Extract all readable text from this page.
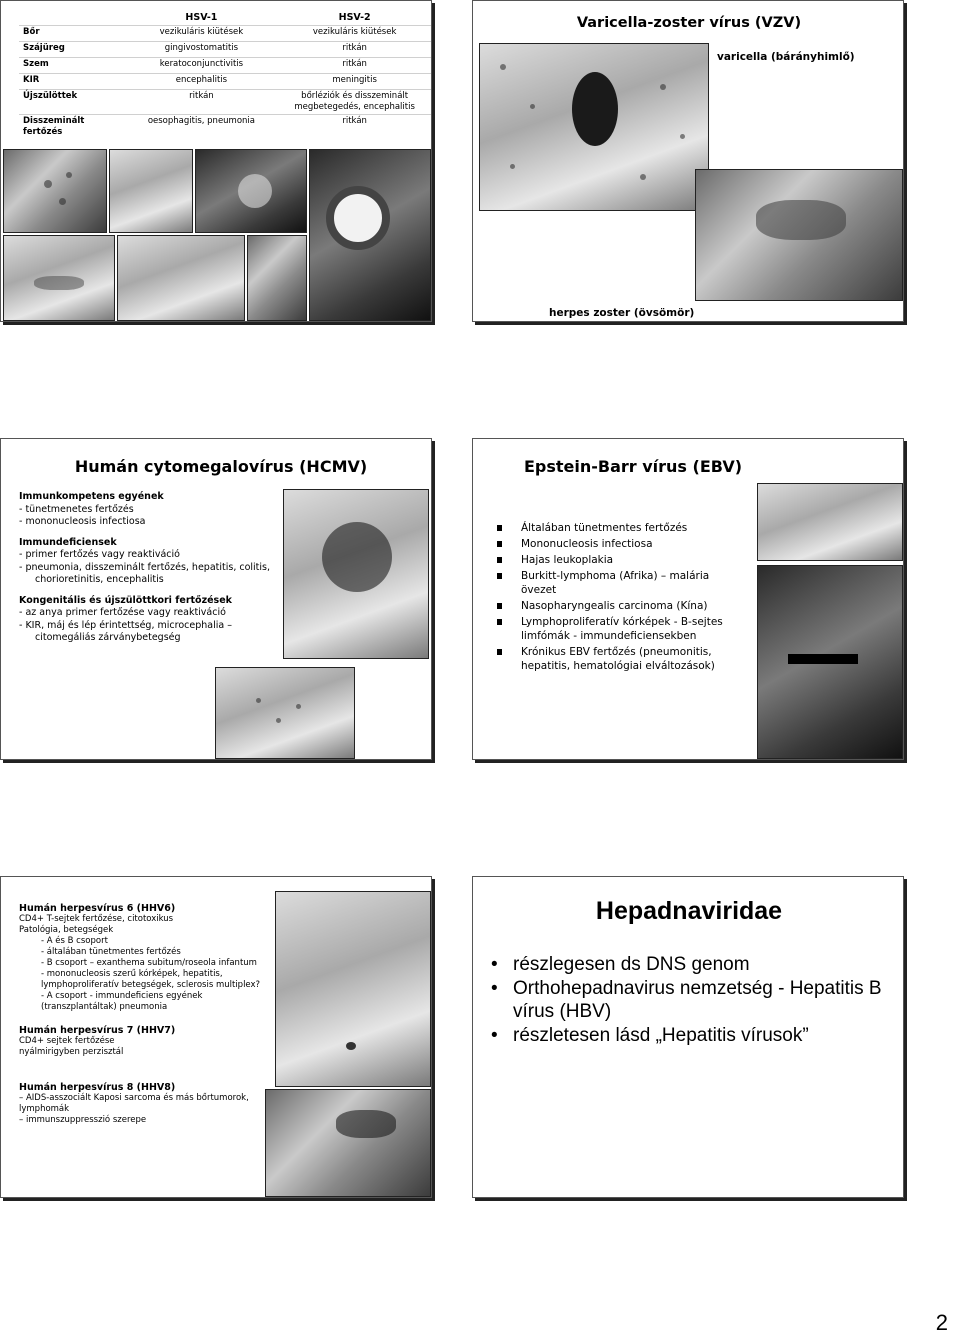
	HSV-1	HSV-2
Bőr	vezikuláris kiütések	vezikuláris kiütések
Szájüreg	gingivostomatitis	ritkán
Szem	keratoconjunctivitis	ritkán
KIR	encephalitis	meningitis
Újszülöttek	ritkán	bőrléziók és disszeminált megbetegedés, encephalitis
Disszeminált fertőzés	oesophagitis, pneumonia	ritkán
Varicella-zoster vírus (VZV)
varicella (bárányhimlő)
herpes zoster (övsömör)
Humán cytomegalovírus (HCMV)
Immunkompetens egyének
- tünetmenetes fertőzés
- mononucleosis infectiosa
Immundeficiensek
- primer fertőzés vagy reaktiváció
- pneumonia, disszeminált fertőzés, hepatitis, colitis, chorioretinitis, encephalitis
Kongenitális és újszülöttkori fertőzések
- az anya primer fertőzése vagy reaktiváció
- KIR, máj és lép érintettség, microcephalia – citomegáliás zárványbetegség
Epstein-Barr vírus (EBV)
Általában tünetmentes fertőzés
Mononucleosis infectiosa
Hajas leukoplakia
Burkitt-lymphoma (Afrika) – malária övezet
Nasopharyngealis carcinoma (Kína)
Lymphoproliferatív kórképek - B-sejtes limfómák - immundeficiensekben
Krónikus EBV fertőzés (pneumonitis, hepatitis, hematológiai elváltozások)
Humán herpesvírus 6 (HHV6)
CD4+ T-sejtek fertőzése, citotoxikus
Patológia, betegségek
- A és B csoport
- általában tünetmentes fertőzés
- B csoport – exanthema subitum/roseola infantum
- mononucleosis szerű kórképek, hepatitis, lymphoproliferatív betegségek, sclerosis multiplex?
- A csoport - immundeficiens egyének (transzplantáltak) pneumonia
Humán herpesvírus 7 (HHV7)
CD4+ sejtek fertőzése
nyálmirigyben perzisztál
Humán herpesvírus 8 (HHV8)
– AIDS-asszociált Kaposi sarcoma és más bőrtumorok, lymphomák
– immunszuppresszió szerepe
Hepadnaviridae
• részlegesen ds DNS genom
• Orthohepadnavirus nemzetség - Hepatitis B vírus (HBV)
• részletesen lásd „Hepatitis vírusok”
2
